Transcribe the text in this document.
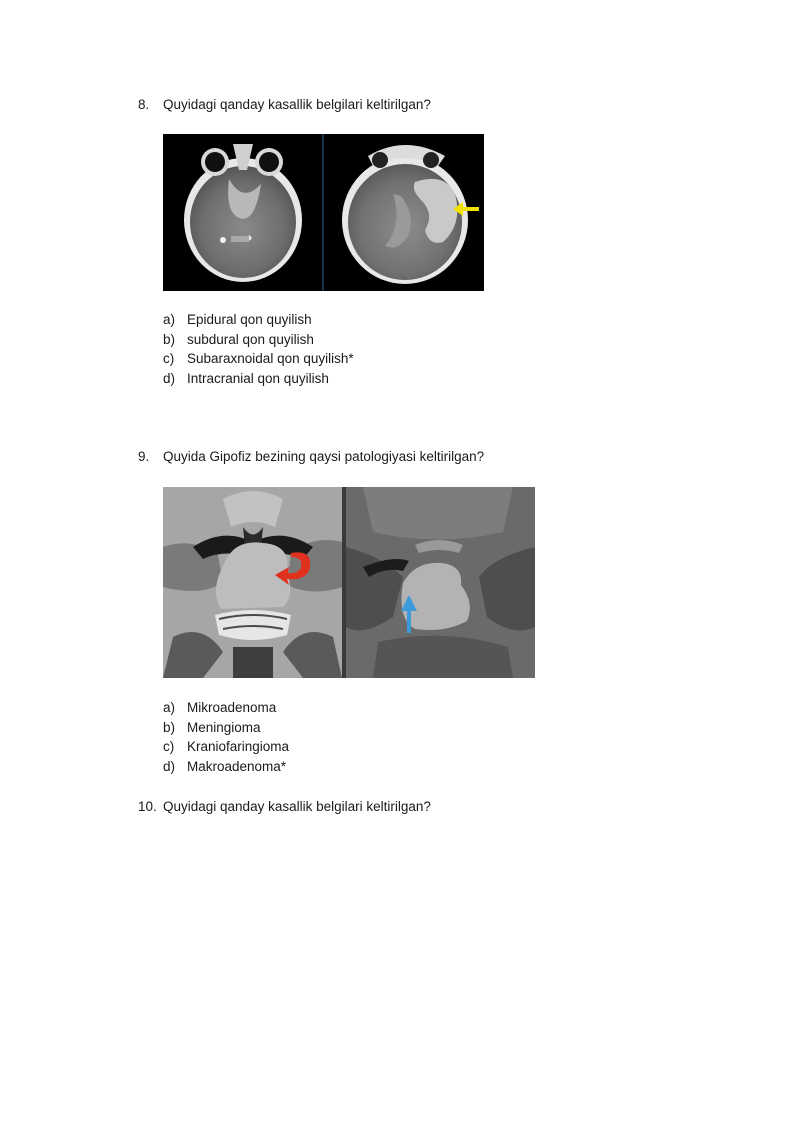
8. Quyidagi qanday kasallik belgilari keltirilgan?
a) Epidural qon quyilish
b) subdural qon quyilish
c) Subaraxnoidal qon quyilish*
d) Intracranial qon quyilish
9. Quyida Gipofiz bezining qaysi patologiyasi keltirilgan?
a) Mikroadenoma
b) Meningioma
c) Kraniofaringioma
d) Makroadenoma*
10. Quyidagi qanday kasallik belgilari keltirilgan?
